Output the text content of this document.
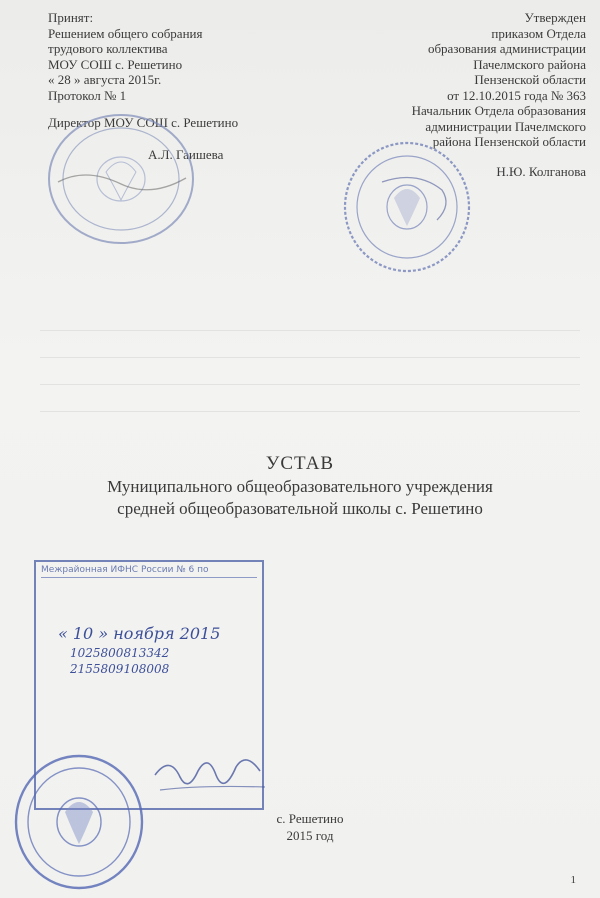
Принят:
Решением общего собрания
трудового коллектива
МОУ СОШ с. Решетино
« 28 » августа 2015г.
Протокол № 1
Директор МОУ СОШ с. Решетино
А.Л. Гаишева
Утвержден
приказом Отдела
образования администрации
Пачелмского района
Пензенской области
от 12.10.2015 года № 363
Начальник Отдела образования
администрации Пачелмского
района Пензенской области
Н.Ю. Колганова
УСТАВ
Муниципального общеобразовательного учреждения
средней общеобразовательной школы с. Решетино
Межрайонная ИФНС России № 6 по

« 10 » ноября 2015
1025800813342
2155809108008
с. Решетино
2015 год
1
